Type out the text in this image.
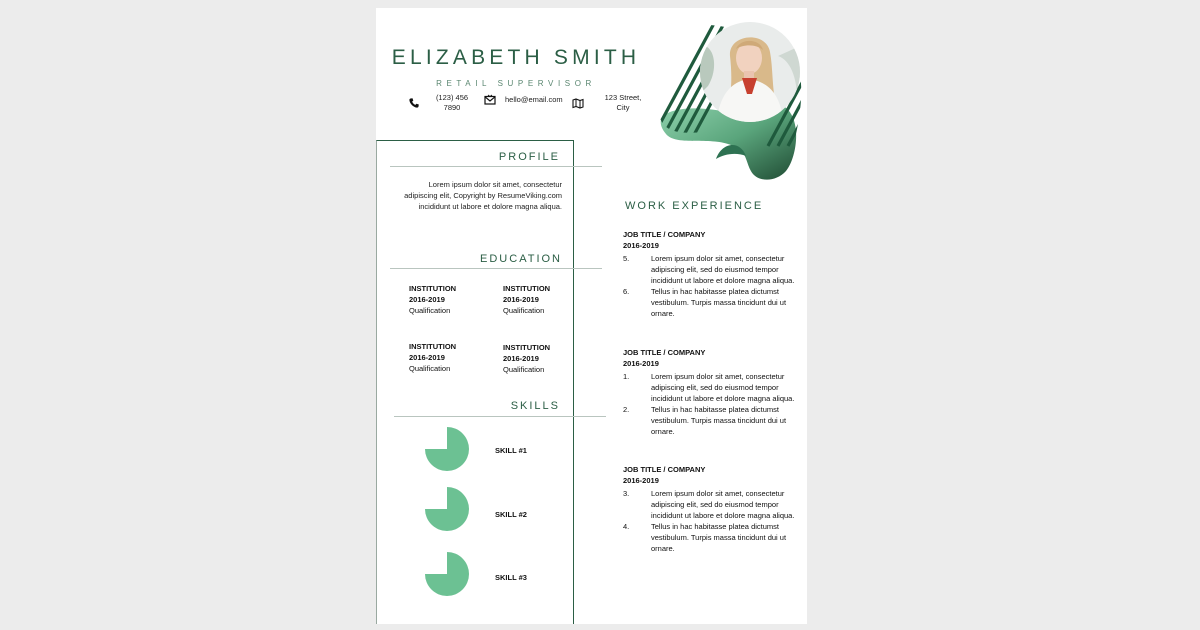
ELIZABETH SMITH
RETAIL SUPERVISOR
(123) 456
7890
hello@email.com	123 Street,
City
PROFILE
Lorem ipsum dolor sit amet, consectetur adipiscing elit, Copyright by ResumeViking.com incididunt ut labore et dolore magna aliqua.
EDUCATION
INSTITUTION
2016-2019
Qualification
INSTITUTION
2016-2019
Qualification
INSTITUTION
2016-2019
Qualification
INSTITUTION
2016-2019
Qualification
SKILLS
SKILL #1
SKILL #2
SKILL #3
WORK EXPERIENCE
JOB TITLE / COMPANY
2016-2019
5.	Lorem ipsum dolor sit amet, consectetur adipiscing elit, sed do eiusmod tempor incididunt ut labore et dolore magna aliqua.
6.	Tellus in hac habitasse platea dictumst vestibulum. Turpis massa tincidunt dui ut ornare.
JOB TITLE / COMPANY
2016-2019
1.	Lorem ipsum dolor sit amet, consectetur adipiscing elit, sed do eiusmod tempor incididunt ut labore et dolore magna aliqua.
2.	Tellus in hac habitasse platea dictumst vestibulum. Turpis massa tincidunt dui ut ornare.
JOB TITLE / COMPANY
2016-2019
3.	Lorem ipsum dolor sit amet, consectetur adipiscing elit, sed do eiusmod tempor incididunt ut labore et dolore magna aliqua.
4.	Tellus in hac habitasse platea dictumst vestibulum. Turpis massa tincidunt dui ut ornare.
